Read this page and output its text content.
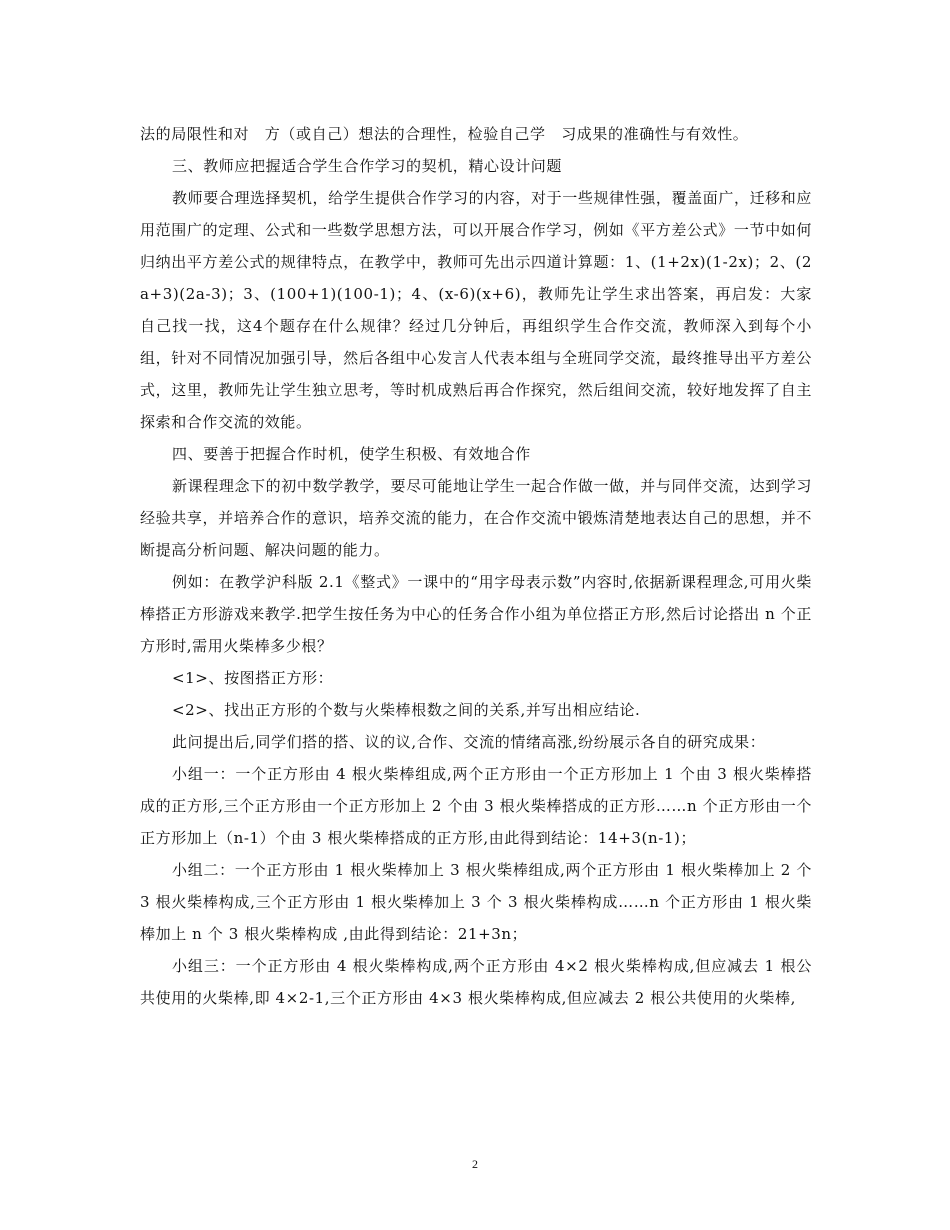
法的局限性和对　方（或自己）想法的合理性，检验自己学　习成果的准确性与有效性。

三、教师应把握适合学生合作学习的契机，精心设计问题

教师要合理选择契机，给学生提供合作学习的内容，对于一些规律性强，覆盖面广，迁移和应用范围广的定理、公式和一些数学思想方法，可以开展合作学习，例如《平方差公式》一节中如何归纳出平方差公式的规律特点，在教学中，教师可先出示四道计算题：1、(1+2x)(1-2x)；2、(2a+3)(2a-3)；3、(100+1)(100-1)；4、(x-6)(x+6)，教师先让学生求出答案，再启发：大家自己找一找，这4个题存在什么规律？经过几分钟后，再组织学生合作交流，教师深入到每个小组，针对不同情况加强引导，然后各组中心发言人代表本组与全班同学交流，最终推导出平方差公式，这里，教师先让学生独立思考，等时机成熟后再合作探究，然后组间交流，较好地发挥了自主探索和合作交流的效能。

四、要善于把握合作时机，使学生积极、有效地合作

新课程理念下的初中数学教学，要尽可能地让学生一起合作做一做，并与同伴交流，达到学习经验共享，并培养合作的意识，培养交流的能力，在合作交流中锻炼清楚地表达自己的思想，并不断提高分析问题、解决问题的能力。

例如：在教学沪科版 2.1《整式》一课中的“用字母表示数”内容时,依据新课程理念,可用火柴棒搭正方形游戏来教学.把学生按任务为中心的任务合作小组为单位搭正方形,然后讨论搭出 n 个正方形时,需用火柴棒多少根？

<1>、按图搭正方形：

<2>、找出正方形的个数与火柴棒根数之间的关系,并写出相应结论.

此问提出后,同学们搭的搭、议的议,合作、交流的情绪高涨,纷纷展示各自的研究成果：

小组一：一个正方形由 4 根火柴棒组成,两个正方形由一个正方形加上 1 个由 3 根火柴棒搭成的正方形,三个正方形由一个正方形加上 2 个由 3 根火柴棒搭成的正方形……n 个正方形由一个正方形加上（n-1）个由 3 根火柴棒搭成的正方形,由此得到结论：14+3(n-1)；

小组二：一个正方形由 1 根火柴棒加上 3 根火柴棒组成,两个正方形由 1 根火柴棒加上 2 个 3 根火柴棒构成,三个正方形由 1 根火柴棒加上 3 个 3 根火柴棒构成……n 个正方形由 1 根火柴棒加上 n 个 3 根火柴棒构成 ,由此得到结论：21+3n；

小组三：一个正方形由 4 根火柴棒构成,两个正方形由 4×2 根火柴棒构成,但应减去 1 根公共使用的火柴棒,即 4×2-1,三个正方形由 4×3 根火柴棒构成,但应减去 2 根公共使用的火柴棒,

2
